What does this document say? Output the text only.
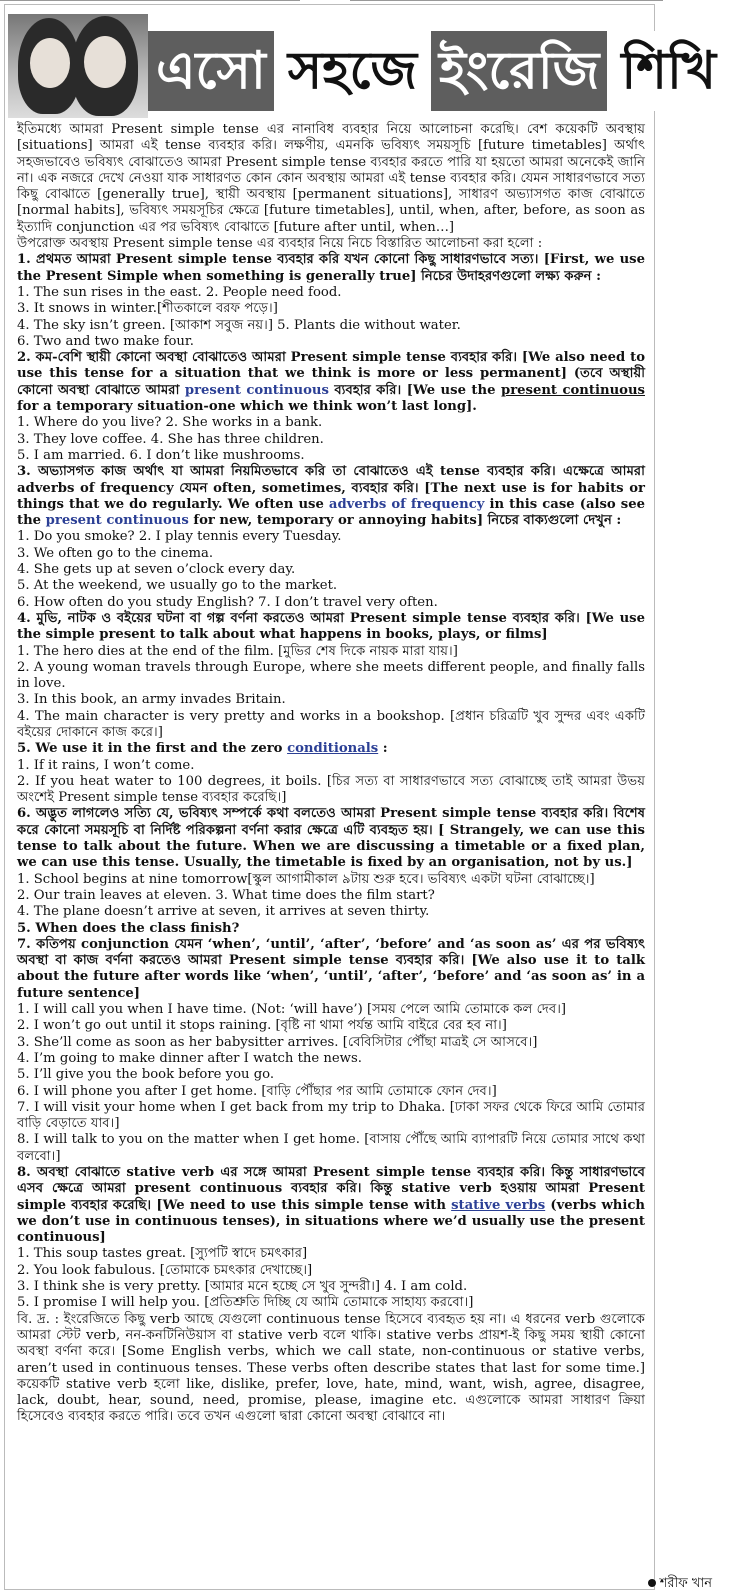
এসো সহজে ইংরেজি শিখি

ইতিমধ্যে আমরা Present simple tense এর নানাবিধ ব্যবহার নিয়ে আলোচনা করেছি। বেশ কয়েকটি অবস্থায় [situations] আমরা এই tense ব্যবহার করি। লক্ষণীয়, এমনকি ভবিষ্যৎ সময়সূচি [future timetables] অর্থাৎ সহজভাবেও ভবিষ্যৎ বোঝাতেও আমরা Present simple tense ব্যবহার করতে পারি যা হয়তো আমরা অনেকেই জানি না। এক নজরে দেখে নেওয়া যাক সাধারণত কোন কোন অবস্থায় আমরা এই tense ব্যবহার করি। যেমন সাধারণভাবে সত্য কিছু বোঝাতে [generally true], স্থায়ী অবস্থায় [permanent situations], সাধারণ অভ্যাসগত কাজ বোঝাতে [normal habits], ভবিষ্যৎ সময়সূচির ক্ষেত্রে [future timetables], until, when, after, before, as soon as ইত্যাদি conjunction এর পর ভবিষ্যৎ বোঝাতে [future after until, when…]

উপরোক্ত অবস্থায় Present simple tense এর ব্যবহার নিয়ে নিচে বিস্তারিত আলোচনা করা হলো :

1. প্রথমত আমরা Present simple tense ব্যবহার করি যখন কোনো কিছু সাধারণভাবে সত্য। [First, we use the Present Simple when something is generally true] নিচের উদাহরণগুলো লক্ষ্য করুন :

1. The sun rises in the east. 2. People need food.

3. It snows in winter.[শীতকালে বরফ পড়ে।]

4. The sky isn’t green. [আকাশ সবুজ নয়।] 5. Plants die without water.

6. Two and two make four.

2. কম-বেশি স্থায়ী কোনো অবস্থা বোঝাতেও আমরা Present simple tense ব্যবহার করি। [We also need to use this tense for a situation that we think is more or less permanent] (তবে অস্থায়ী কোনো অবস্থা বোঝাতে আমরা present continuous ব্যবহার করি। [We use the present continuous for a temporary situation-one which we think won’t last long].

1. Where do you live? 2. She works in a bank.

3. They love coffee. 4. She has three children.

5. I am married. 6. I don’t like mushrooms.

3. অভ্যাসগত কাজ অর্থাৎ যা আমরা নিয়মিতভাবে করি তা বোঝাতেও এই tense ব্যবহার করি। এক্ষেত্রে আমরা adverbs of frequency যেমন often, sometimes, ব্যবহার করি। [The next use is for habits or things that we do regularly. We often use adverbs of frequency in this case (also see the present continuous for new, temporary or annoying habits] নিচের বাক্যগুলো দেখুন :

1. Do you smoke? 2. I play tennis every Tuesday.

3. We often go to the cinema.

4. She gets up at seven o’clock every day.

5. At the weekend, we usually go to the market.

6. How often do you study English? 7. I don’t travel very often.

4. মুভি, নাটক ও বইয়ের ঘটনা বা গল্প বর্ণনা করতেও আমরা Present simple tense ব্যবহার করি। [We use the simple present to talk about what happens in books, plays, or films]

1. The hero dies at the end of the film. [মুভির শেষ দিকে নায়ক মারা যায়।]

2. A young woman travels through Europe, where she meets different people, and finally falls in love.

3. In this book, an army invades Britain.

4. The main character is very pretty and works in a bookshop. [প্রধান চরিত্রটি খুব সুন্দর এবং একটি বইয়ের দোকানে কাজ করে।]

5. We use it in the first and the zero conditionals :

1. If it rains, I won’t come.

2. If you heat water to 100 degrees, it boils. [চির সত্য বা সাধারণভাবে সত্য বোঝাচ্ছে তাই আমরা উভয় অংশেই Present simple tense ব্যবহার করেছি।]

6. অদ্ভুত লাগলেও সত্যি যে, ভবিষ্যৎ সম্পর্কে কথা বলতেও আমরা Present simple tense ব্যবহার করি। বিশেষ করে কোনো সময়সূচি বা নির্দিষ্ট পরিকল্পনা বর্ণনা করার ক্ষেত্রে এটি ব্যবহৃত হয়। [ Strangely, we can use this tense to talk about the future. When we are discussing a timetable or a fixed plan, we can use this tense. Usually, the timetable is fixed by an organisation, not by us.]

1. School begins at nine tomorrow[স্কুল আগামীকাল ৯টায় শুরু হবে। ভবিষ্যৎ একটা ঘটনা বোঝাচ্ছে।]

2. Our train leaves at eleven. 3. What time does the film start?

4. The plane doesn’t arrive at seven, it arrives at seven thirty.

5. When does the class finish?

7. কতিপয় conjunction যেমন ‘when’, ‘until’, ‘after’, ‘before’ and ‘as soon as’ এর পর ভবিষ্যৎ অবস্থা বা কাজ বর্ণনা করতেও আমরা Present simple tense ব্যবহার করি। [We also use it to talk about the future after words like ‘when’, ‘until’, ‘after’, ‘before’ and ‘as soon as’ in a future sentence]

1. I will call you when I have time. (Not: ‘will have’) [সময় পেলে আমি তোমাকে কল দেব।]

2. I won’t go out until it stops raining. [বৃষ্টি না থামা পর্যন্ত আমি বাইরে বের হব না।]

3. She’ll come as soon as her babysitter arrives. [বেবিসিটার পৌঁছা মাত্রই সে আসবে।]

4. I’m going to make dinner after I watch the news.

5. I’ll give you the book before you go.

6. I will phone you after I get home. [বাড়ি পৌঁছার পর আমি তোমাকে ফোন দেব।]

7. I will visit your home when I get back from my trip to Dhaka. [ঢাকা সফর থেকে ফিরে আমি তোমার বাড়ি বেড়াতে যাব।]

8. I will talk to you on the matter when I get home. [বাসায় পৌঁছে আমি ব্যাপারটি নিয়ে তোমার সাথে কথা বলবো।]

8. অবস্থা বোঝাতে stative verb এর সঙ্গে আমরা Present simple tense ব্যবহার করি। কিন্তু সাধারণভাবে এসব ক্ষেত্রে আমরা present continuous ব্যবহার করি। কিন্তু stative verb হওয়ায় আমরা Present simple ব্যবহার করেছি। [We need to use this simple tense with stative verbs (verbs which we don’t use in continuous tenses), in situations where we’d usually use the present continuous]

1. This soup tastes great. [স্যুপটি স্বাদে চমৎকার]

2. You look fabulous. [তোমাকে চমৎকার দেখাচ্ছে।]

3. I think she is very pretty. [আমার মনে হচ্ছে সে খুব সুন্দরী।] 4. I am cold.

5. I promise I will help you. [প্রতিশ্রুতি দিচ্ছি যে আমি তোমাকে সাহায্য করবো।]

বি. দ্র. : ইংরেজিতে কিছু verb আছে যেগুলো continuous tense হিসেবে ব্যবহৃত হয় না। এ ধরনের verb গুলোকে আমরা স্টেট verb, নন-কনটিনিউয়াস বা stative verb বলে থাকি। stative verbs প্রায়শ-ই কিছু সময় স্থায়ী কোনো অবস্থা বর্ণনা করে। [Some English verbs, which we call state, non-continuous or stative verbs, aren’t used in continuous tenses. These verbs often describe states that last for some time.] কয়েকটি stative verb হলো like, dislike, prefer, love, hate, mind, want, wish, agree, disagree, lack, doubt, hear, sound, need, promise, please, imagine etc. এগুলোকে আমরা সাধারণ ক্রিয়া হিসেবেও ব্যবহার করতে পারি। তবে তখন এগুলো দ্বারা কোনো অবস্থা বোঝাবে না।

শরীফ খান
